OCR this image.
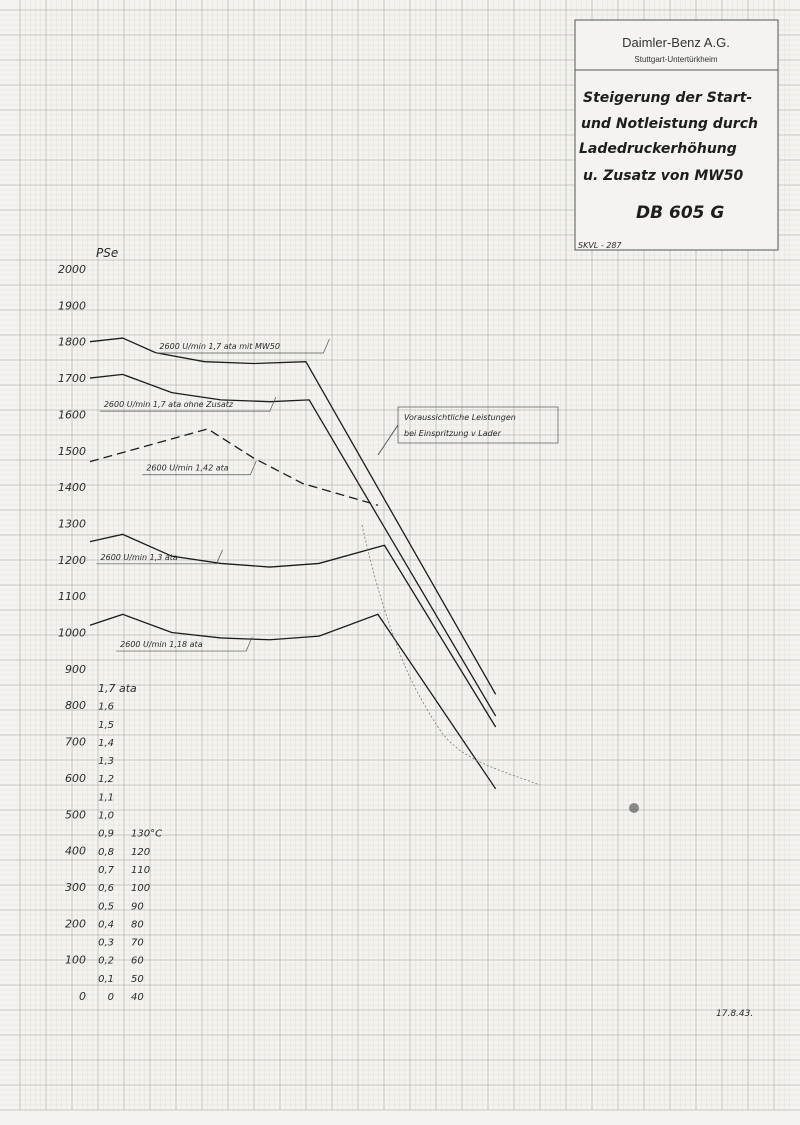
Daimler-Benz A.G.
Stuttgart-Untertürkheim
Steigerung der Start-
und Notleistung durch
Ladedruckerhöhung
u. Zusatz von MW50
DB 605 G
SKVL - 287
17.8.43.
PSe
1,7 ata
0
100
200
300
400
500
600
700
800
900
1000
1100
1200
1300
1400
1500
1600
1700
1800
1900
2000
0
0,1
0,2
0,3
0,4
0,5
0,6
0,7
0,8
0,9
1,0
1,1
1,2
1,3
1,4
1,5
1,6
40
50
60
70
80
90
100
110
120
130°C
2600 U/min 1,7 ata mit MW50
2600 U/min 1,7 ata ohne Zusatz
2600 U/min 1,42 ata
2600 U/min 1,3 ata
2600 U/min 1,18 ata
Voraussichtliche Leistungen
bei Einspritzung v Lader
